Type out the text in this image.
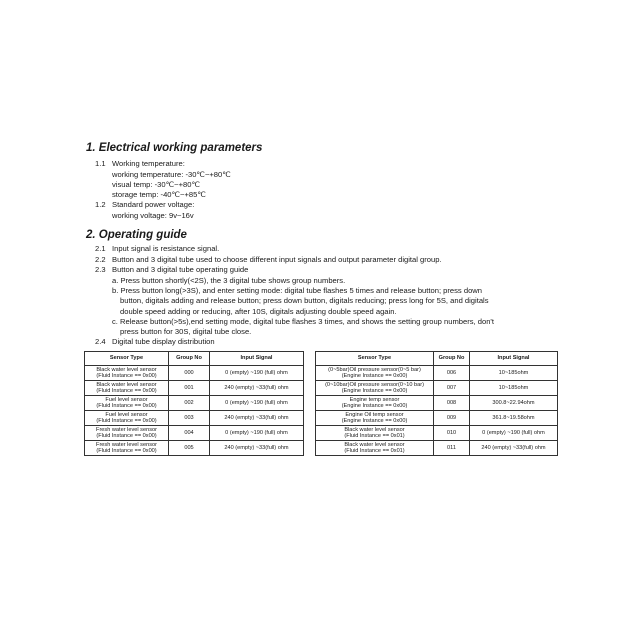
1. Electrical working parameters
1.1 Working temperature:
working temperature: -30℃~+80℃
visual temp: -30℃~+80℃
storage temp: -40℃~+85℃
1.2 Standard power voltage:
working voltage: 9v~16v
2. Operating guide
2.1 Input signal is resistance signal.
2.2 Button and 3 digital tube used to choose different input signals and output parameter digital group.
2.3 Button and 3 digital tube operating guide
a. Press button shortly(<2S), the 3 digital tube shows group numbers.
b. Press button long(>3S), and enter setting mode: digital tube flashes 5 times and release button; press down
button, digitals adding and release button; press down button, digitals reducing; press long for 5S, and digitals
double speed adding or reducing, after 10S, digitals adjusting double speed again.
c. Release button(>5s),end setting mode, digital tube flashes 3 times, and shows the setting group numbers, don't
press button for 30S, digital tube close.
2.4 Digital tube display distribution
Sensor Type	Group No	Input Signal

Black water level sensor
(Fluid Instance == 0x00)	000	0 (empty) ~190 (full) ohm

Black water level sensor
(Fluid Instance == 0x00)	001	240 (empty) ~33(full) ohm

Fuel level sensor
(Fluid Instance == 0x00)	002	0 (empty) ~190 (full) ohm

Fuel level sensor
(Fluid Instance == 0x00)	003	240 (empty) ~33(full) ohm

Fresh water level sensor
(Fluid Instance == 0x00)	004	0 (empty) ~190 (full) ohm

Fresh water level sensor
(Fluid Instance == 0x00)	005	240 (empty) ~33(full) ohm
Sensor Type	Group No	Input Signal

(0~5bar)Oil pressure sensor(0~5 bar)
(Engine Instance == 0x00)	006	10~185ohm

(0~10bar)Oil pressure sensor(0~10 bar)
(Engine Instance == 0x00)	007	10~185ohm

Engine temp sensor
(Engine Instance == 0x00)	008	300.8~22.94ohm

Engine Oil temp sensor
(Engine Instance == 0x00)	009	361.8~19.58ohm

Black water level sensor
(Fluid Instance == 0x01)	010	0 (empty) ~190 (full) ohm

Black water level sensor
(Fluid Instance == 0x01)	011	240 (empty) ~33(full) ohm
